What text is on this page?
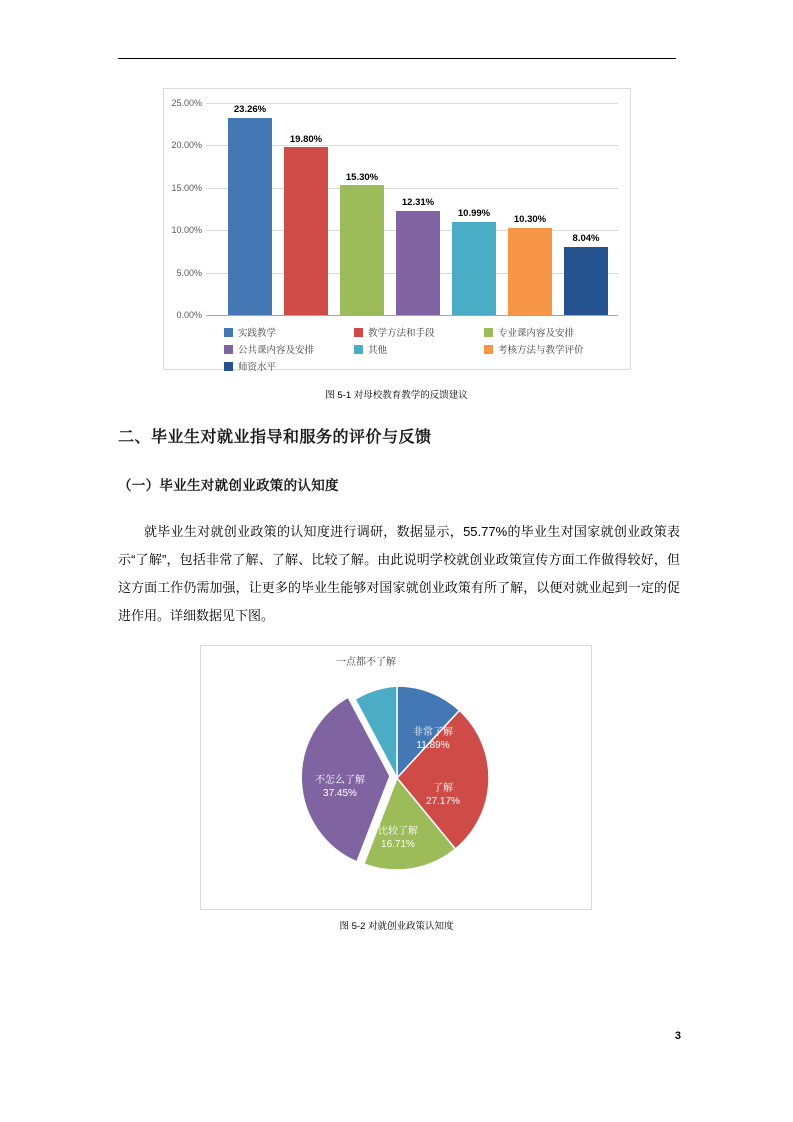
25.00%
20.00%
15.00%
10.00%
5.00%
0.00%
23.26%
19.80%
15.30%
12.31%
10.99%
10.30%
8.04%
实践教学	教学方法和手段	专业课内容及安排 公共课内容及安排	其他	考核方法与教学评价 师资水平
图 5-1 对母校教育教学的反馈建议
二、毕业生对就业指导和服务的评价与反馈
（一）毕业生对就创业政策的认知度
就毕业生对就创业政策的认知度进行调研，数据显示，55.77%的毕业生对国家就创业政策表示“了解”，包括非常了解、了解、比较了解。由此说明学校就创业政策宣传方面工作做得较好，但这方面工作仍需加强，让更多的毕业生能够对国家就创业政策有所了解，以便对就业起到一定的促进作用。详细数据见下图。
非常了解
11.89%
了解
27.17%
比较了解
16.71%
不怎么了解
37.45%
一点都不了解
6.78%
图 5-2 对就创业政策认知度
3
